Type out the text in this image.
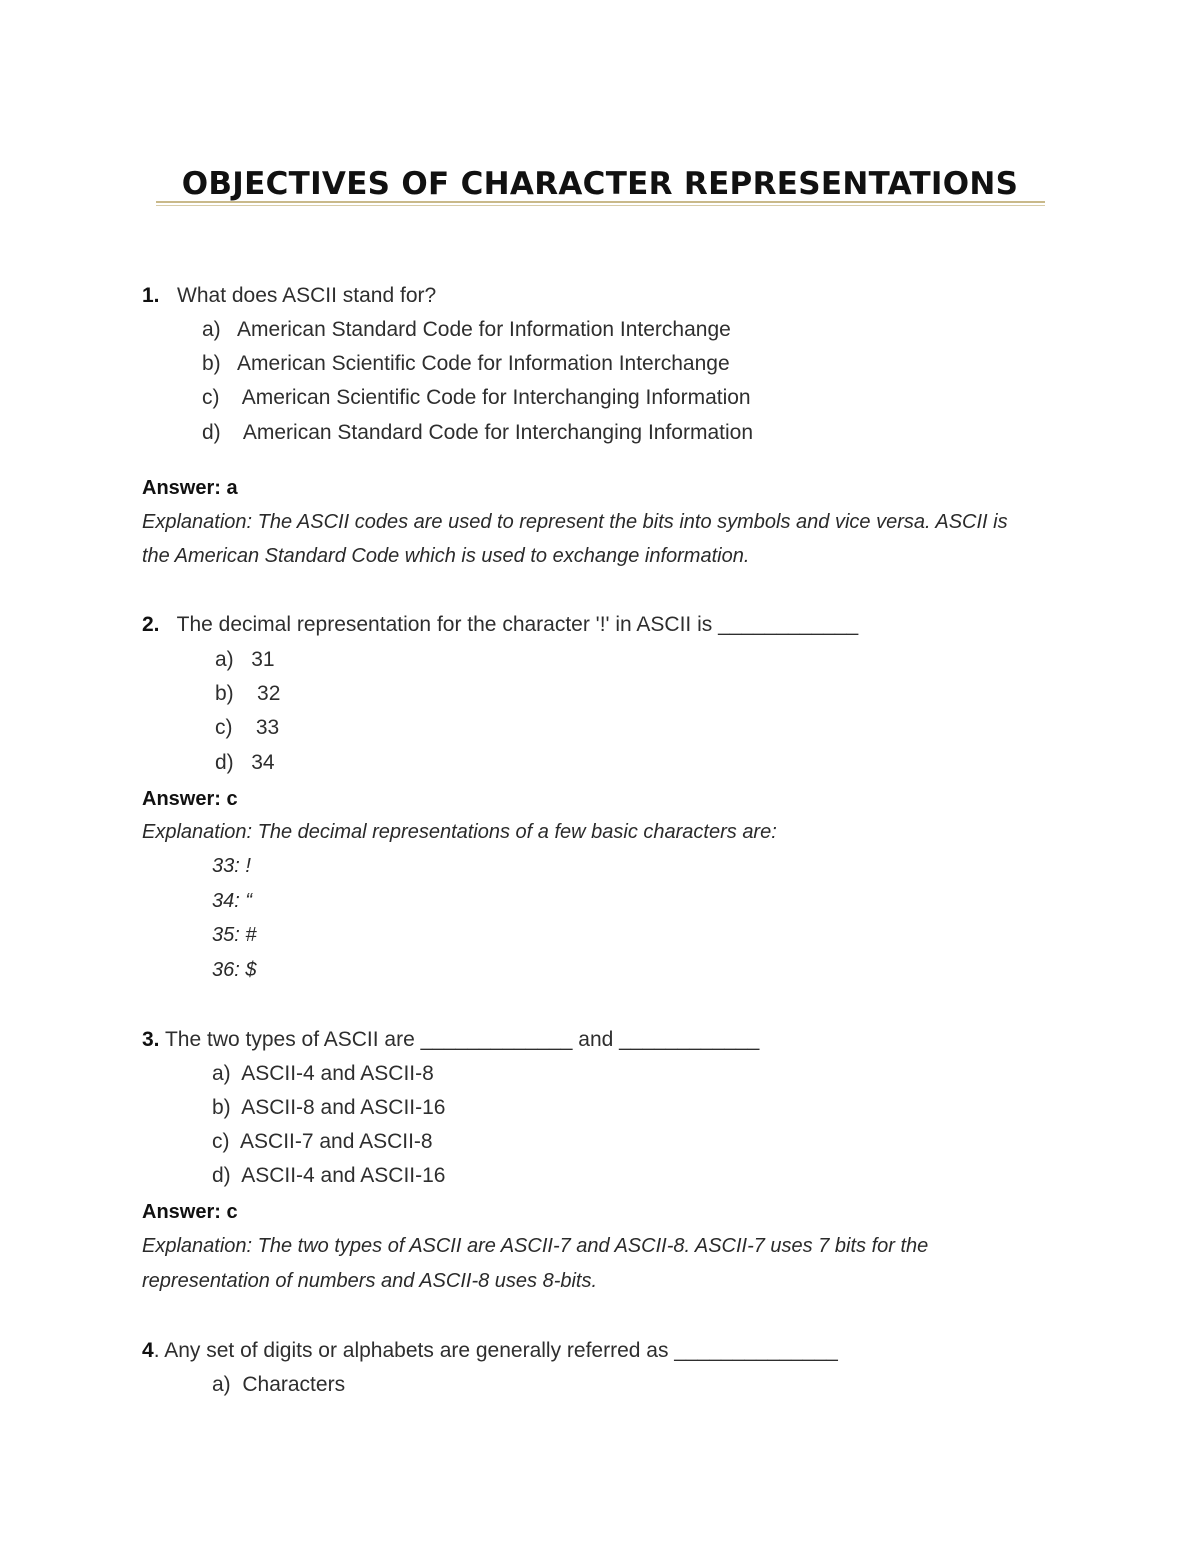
OBJECTIVES OF CHARACTER REPRESENTATIONS
1. What does ASCII stand for?
a) American Standard Code for Information Interchange
b) American Scientific Code for Information Interchange
c) American Scientific Code for Interchanging Information
d) American Standard Code for Interchanging Information
Answer: a
Explanation: The ASCII codes are used to represent the bits into symbols and vice versa. ASCII is
the American Standard Code which is used to exchange information.
2. The decimal representation for the character '!' in ASCII is ____________
a) 31
b) 32
c) 33
d) 34
Answer: c
Explanation: The decimal representations of a few basic characters are:
33: !
34: “
35: #
36: $
3. The two types of ASCII are _____________ and ____________
a) ASCII-4 and ASCII-8
b) ASCII-8 and ASCII-16
c) ASCII-7 and ASCII-8
d) ASCII-4 and ASCII-16
Answer: c
Explanation: The two types of ASCII are ASCII-7 and ASCII-8. ASCII-7 uses 7 bits for the
representation of numbers and ASCII-8 uses 8-bits.
4. Any set of digits or alphabets are generally referred as ______________
a) Characters
